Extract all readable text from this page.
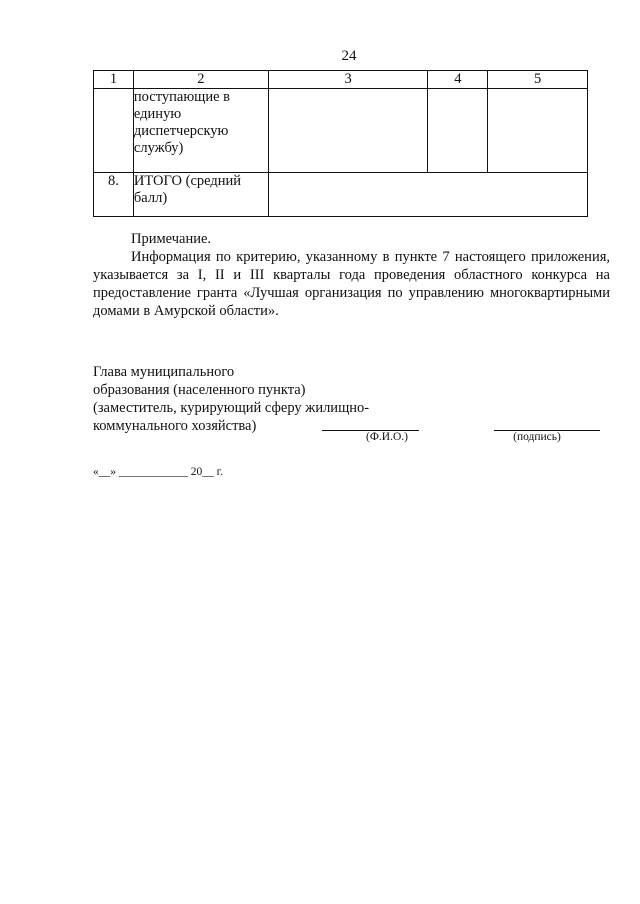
24
1	2	3	4	5

	поступающие в
единую
диспетчерскую
службу)			

8.	ИТОГО (средний
балл)			

Примечание.

Информация по критерию, указанному в пункте 7 настоящего приложения, указывается за I, II и III кварталы года проведения областного конкурса на предоставление гранта «Лучшая организация по управлению многоквартирными домами в Амурской области».

Глава муниципального
образования (населенного пункта)
(заместитель, курирующий сферу жилищно-
коммунального хозяйства)
(Ф.И.О.)	(подпись)
«__» ____________ 20__ г.
